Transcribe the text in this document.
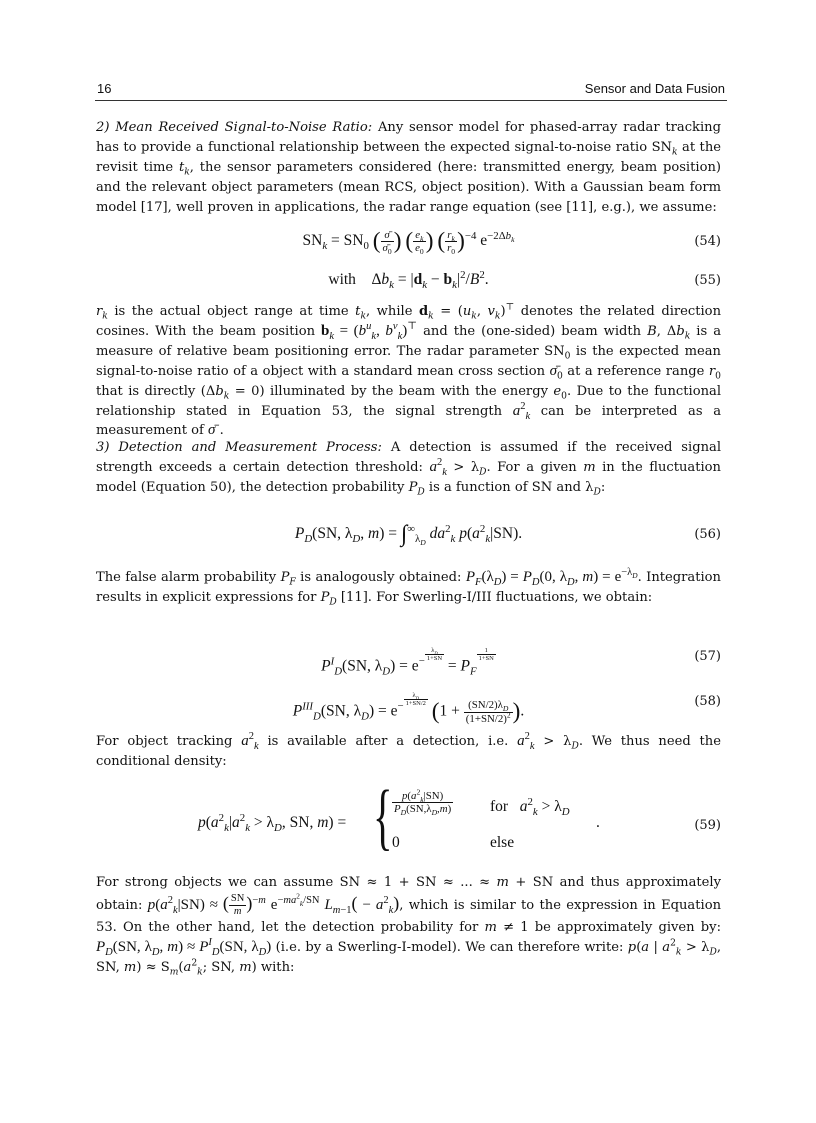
16	Sensor and Data Fusion

2) Mean Received Signal-to-Noise Ratio: Any sensor model for phased-array radar tracking has to provide a functional relationship between the expected signal-to-noise ratio $SN_k$ at the revisit time $t_k$, the sensor parameters considered (here: transmitted energy, beam position) and the relevant object parameters (mean RCS, object position). With a Gaussian beam form model [17], well proven in applications, the radar range equation (see [11], e.g.), we assume:

$SN_k = SN_0$ ( $\frac{\sigmā}{\sigmā_0}$ ) ( $\frac{e_k}{e_0}$ ) ( $\frac{r_k}{r_0} )^{-4}$ $e^{-2\Delta b_k}$	(54)
with    $\Delta b_k = |d_k - b_k|^2/B^2$.	(55)

$r_k$ is the actual object range at time $t_k$, while $d_k = (u_k$, $v_k)^⊤$ denotes the related direction cosines. With the beam position $b_k = (b^u_k$, $b^v_k)^⊤$ and the (one-sided) beam width B, $\Delta b_k$ is a measure of relative beam positioning error. The radar parameter $SN_0$ is the expected mean signal-to-noise ratio of a object with a standard mean cross section $\sigmā_0$ at a reference range $r_0$ that is directly $(\Delta b_k = 0)$ illuminated by the beam with the energy $e_0$. Due to the functional relationship stated in Equation 53, the signal strength $a^2_k$ can be interpreted as a measurement of σ̄ .

3) Detection and Measurement Process: A detection is assumed if the received signal strength exceeds a certain detection threshold: $a^2_k > \lambda_D$. For a given m in the fluctuation model (Equation 50), the detection probability $P_D$ is a function of SN and $\lambda_D$:

$P_D(SN$, $\lambda_D$, $m) = \int^\infty_{\lambda_D}$ $da^2_k$ $p(a^2_k|SN)$.	(56)

The false alarm probability $P_F$ is analogously obtained: $P_F(\lambda_D) = P_D(0$, $\lambda_D$, $m) = e^{-\lambda_D}$. Integration results in explicit expressions for $P_D$ [11]. For Swerling-I/III fluctuations, we obtain:

$P^I_D(SN$, $\lambda_D) = e^{- \frac{\lambda_D}{1+SN}}$
= $P_F$
$^{\frac{1}{1+SN}}$	(57)
$P^{III}_D(SN$, $\lambda_D) = e^{- \frac{\lambda_D}{1+SN/2}}$ ($1 + \frac{(SN/2)\lambda_D}{(1+SN/2)^2}$ ).
(58)

For object tracking $a^2_k$ is available after a detection, i.e. $a^2_k > \lambda_D$. We thus need the conditional density:

$p(a^2_k|a^2_k > \lambda_D$, SN, m) = { $\frac{p(a^2_k|SN)}{P_D(SN,\lambda_D,m)}$ for $a^2_k > \lambda_D$
0	else
.	(59)

For strong objects we can assume SN ≈ 1 + SN ≈ ... ≈ m + SN and thus approximately obtain: $p(a^2_k|SN)$ ≈ ( $\frac{SN}{m} )^{-m}$ $e^{-ma^2_k/SN}$ $L_{m-1}( - a^2_k)$, which is similar to the expression in Equation 53. On the other hand, let the detection probability for m ≠ 1 be approximately given by: $P_D(SN$, $\lambda_D$, $m) \approx P^I_D(SN$, $\lambda_D$) (i.e. by a Swerling-I-model). We can therefore write: p(a | $a^2_k > \lambda_D$, SN, $m) \approx S_m(a^2_k$; SN, m) with:
